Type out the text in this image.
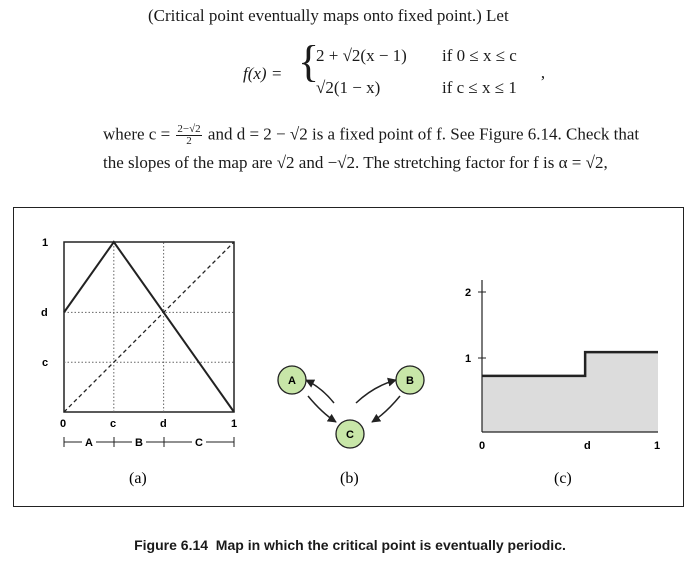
(Critical point eventually maps onto fixed point.) Let
f(x) = {
2 + √2(x − 1) if 0 ≤ x ≤ c
√2(1 − x)	if c ≤ x ≤ 1 ’
where $c = \frac{2-√2}{2}$ and d = 2 − √2 is a fixed point of f. See Figure 6.14. Check that
the slopes of the map are √2 and −√2. The stretching factor for f is α = √2,
1
d
c
0	c	d	1
A	B	C
(a)
A	B
C
(b)
2
1
0	d	1
(c)
Figure 6.14  Map in which the critical point is eventually periodic.
